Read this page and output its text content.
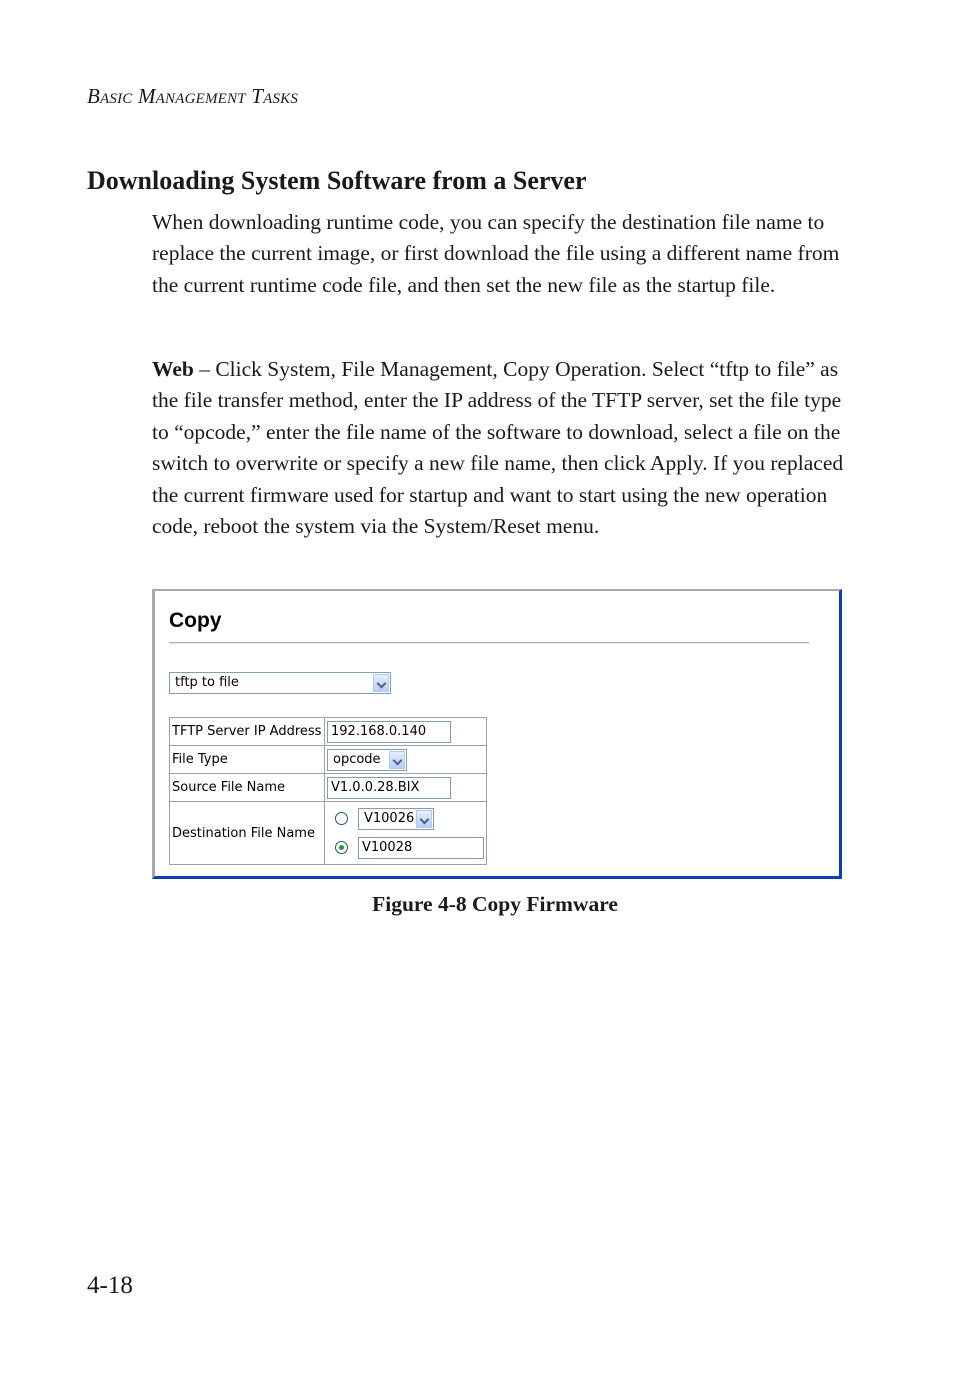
Basic Management Tasks
Downloading System Software from a Server

When downloading runtime code, you can specify the destination file name to replace the current image, or first download the file using a different name from the current runtime code file, and then set the new file as the startup file.

Web – Click System, File Management, Copy Operation. Select “tftp to file” as the file transfer method, enter the IP address of the TFTP server, set the file type to “opcode,” enter the file name of the software to download, select a file on the switch to overwrite or specify a new file name, then click Apply. If you replaced the current firmware used for startup and want to start using the new operation code, reboot the system via the System/Reset menu.

Copy
tftp to file
TFTP Server IP Address	192.168.0.140

File Type	opcode

Source File Name	V1.0.0.28.BIX

Destination File Name	V10026
V10028
Figure 4-8 Copy Firmware
4-18
